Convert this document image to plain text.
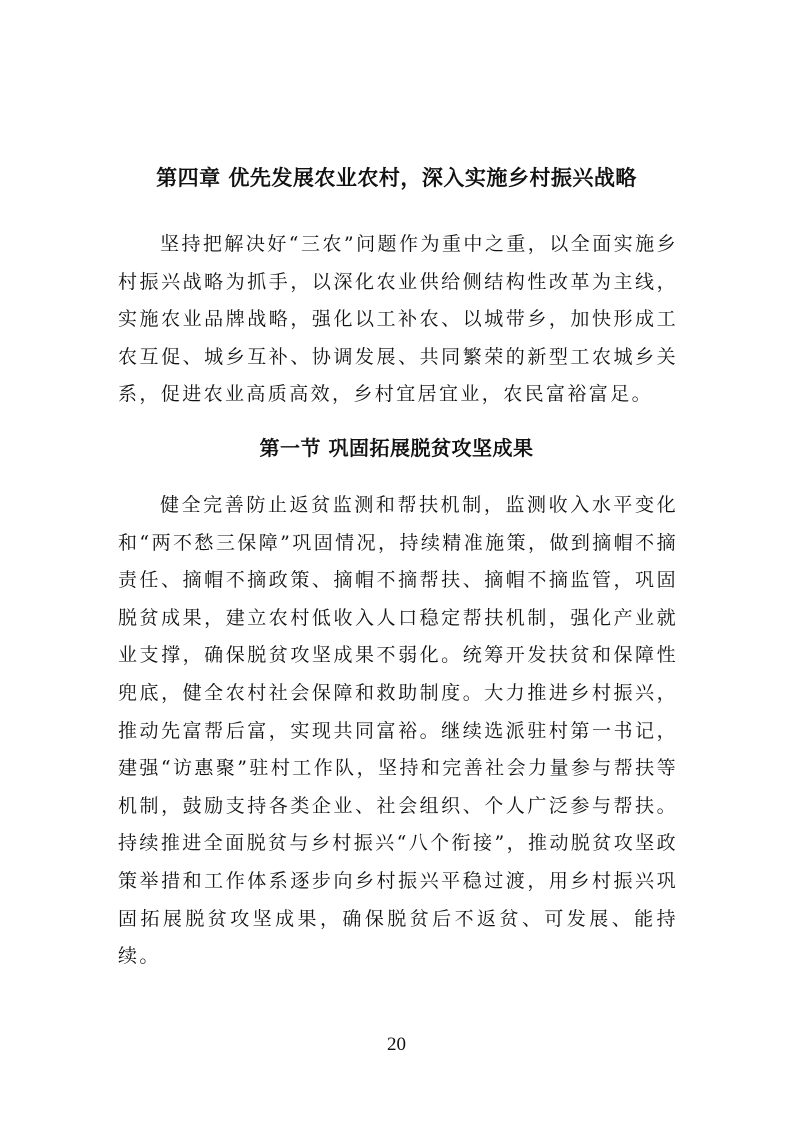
第四章 优先发展农业农村，深入实施乡村振兴战略

坚持把解决好“三农”问题作为重中之重，以全面实施乡村振兴战略为抓手，以深化农业供给侧结构性改革为主线，实施农业品牌战略，强化以工补农、以城带乡，加快形成工农互促、城乡互补、协调发展、共同繁荣的新型工农城乡关系，促进农业高质高效，乡村宜居宜业，农民富裕富足。

第一节 巩固拓展脱贫攻坚成果

健全完善防止返贫监测和帮扶机制，监测收入水平变化和“两不愁三保障”巩固情况，持续精准施策，做到摘帽不摘责任、摘帽不摘政策、摘帽不摘帮扶、摘帽不摘监管，巩固脱贫成果，建立农村低收入人口稳定帮扶机制，强化产业就业支撑，确保脱贫攻坚成果不弱化。统筹开发扶贫和保障性兜底，健全农村社会保障和救助制度。大力推进乡村振兴，推动先富帮后富，实现共同富裕。继续选派驻村第一书记，建强“访惠聚”驻村工作队，坚持和完善社会力量参与帮扶等机制，鼓励支持各类企业、社会组织、个人广泛参与帮扶。持续推进全面脱贫与乡村振兴“八个衔接”，推动脱贫攻坚政策举措和工作体系逐步向乡村振兴平稳过渡，用乡村振兴巩固拓展脱贫攻坚成果，确保脱贫后不返贫、可发展、能持续。

20
